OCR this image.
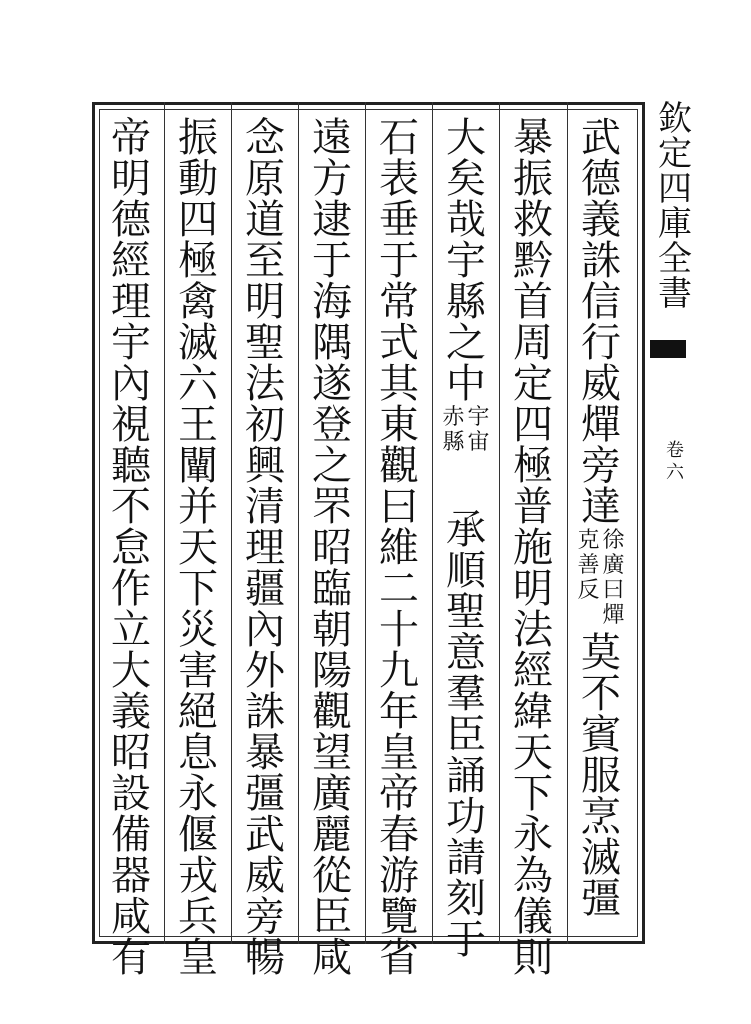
欽
定
四
庫
全
書
卷
六
武
德
義
誅
信
行
威
燀
旁
達
徐
廣
曰
燀
克
善
反
莫
不
賓
服
烹
滅
彊
暴
振
救
黔
首
周
定
四
極
普
施
明
法
經
緯
天
下
永
為
儀
則
大
矣
哉
宇
縣
之
中
宇
宙
赤
縣
承
順
聖
意
羣
臣
誦
功
請
刻
于
石
表
垂
于
常
式
其
東
觀
曰
維
二
十
九
年
皇
帝
春
游
覽
省
遠
方
逮
于
海
隅
遂
登
之
罘
昭
臨
朝
陽
觀
望
廣
麗
從
臣
咸
念
原
道
至
明
聖
法
初
興
清
理
疆
內
外
誅
暴
彊
武
威
旁
暢
振
動
四
極
禽
滅
六
王
闡
并
天
下
災
害
絕
息
永
偃
戎
兵
皇
帝
明
德
經
理
宇
內
視
聽
不
怠
作
立
大
義
昭
設
備
器
咸
有
